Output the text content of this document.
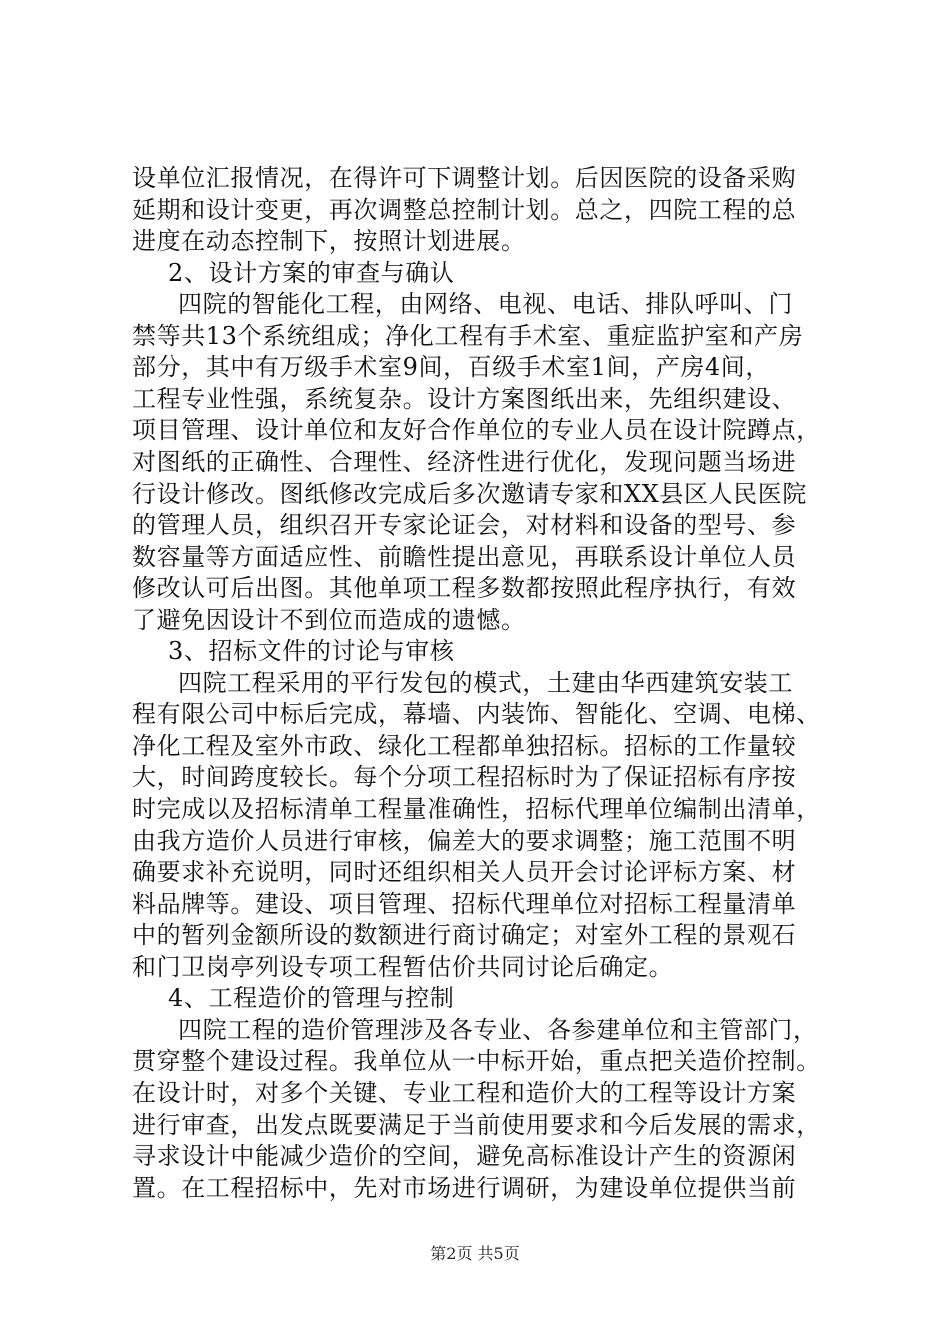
设单位汇报情况，在得许可下调整计划。后因医院的设备采购
延期和设计变更，再次调整总控制计划。总之，四院工程的总
进度在动态控制下，按照计划进展。
2、设计方案的审查与确认
四院的智能化工程，由网络、电视、电话、排队呼叫、门
禁等共13个系统组成；净化工程有手术室、重症监护室和产房
部分，其中有万级手术室9间，百级手术室1间，产房4间，
工程专业性强，系统复杂。设计方案图纸出来，先组织建设、
项目管理、设计单位和友好合作单位的专业人员在设计院蹲点，
对图纸的正确性、合理性、经济性进行优化，发现问题当场进
行设计修改。图纸修改完成后多次邀请专家和XX县区人民医院
的管理人员，组织召开专家论证会，对材料和设备的型号、参
数容量等方面适应性、前瞻性提出意见，再联系设计单位人员
修改认可后出图。其他单项工程多数都按照此程序执行，有效
了避免因设计不到位而造成的遗憾。
3、招标文件的讨论与审核
四院工程采用的平行发包的模式，土建由华西建筑安装工
程有限公司中标后完成，幕墙、内装饰、智能化、空调、电梯、
净化工程及室外市政、绿化工程都单独招标。招标的工作量较
大，时间跨度较长。每个分项工程招标时为了保证招标有序按
时完成以及招标清单工程量准确性，招标代理单位编制出清单，
由我方造价人员进行审核，偏差大的要求调整；施工范围不明
确要求补充说明，同时还组织相关人员开会讨论评标方案、材
料品牌等。建设、项目管理、招标代理单位对招标工程量清单
中的暂列金额所设的数额进行商讨确定；对室外工程的景观石
和门卫岗亭列设专项工程暂估价共同讨论后确定。
4、工程造价的管理与控制
四院工程的造价管理涉及各专业、各参建单位和主管部门，
贯穿整个建设过程。我单位从一中标开始，重点把关造价控制。
在设计时，对多个关键、专业工程和造价大的工程等设计方案
进行审查，出发点既要满足于当前使用要求和今后发展的需求，
寻求设计中能减少造价的空间，避免高标准设计产生的资源闲
置。在工程招标中，先对市场进行调研，为建设单位提供当前
第2页 共5页
